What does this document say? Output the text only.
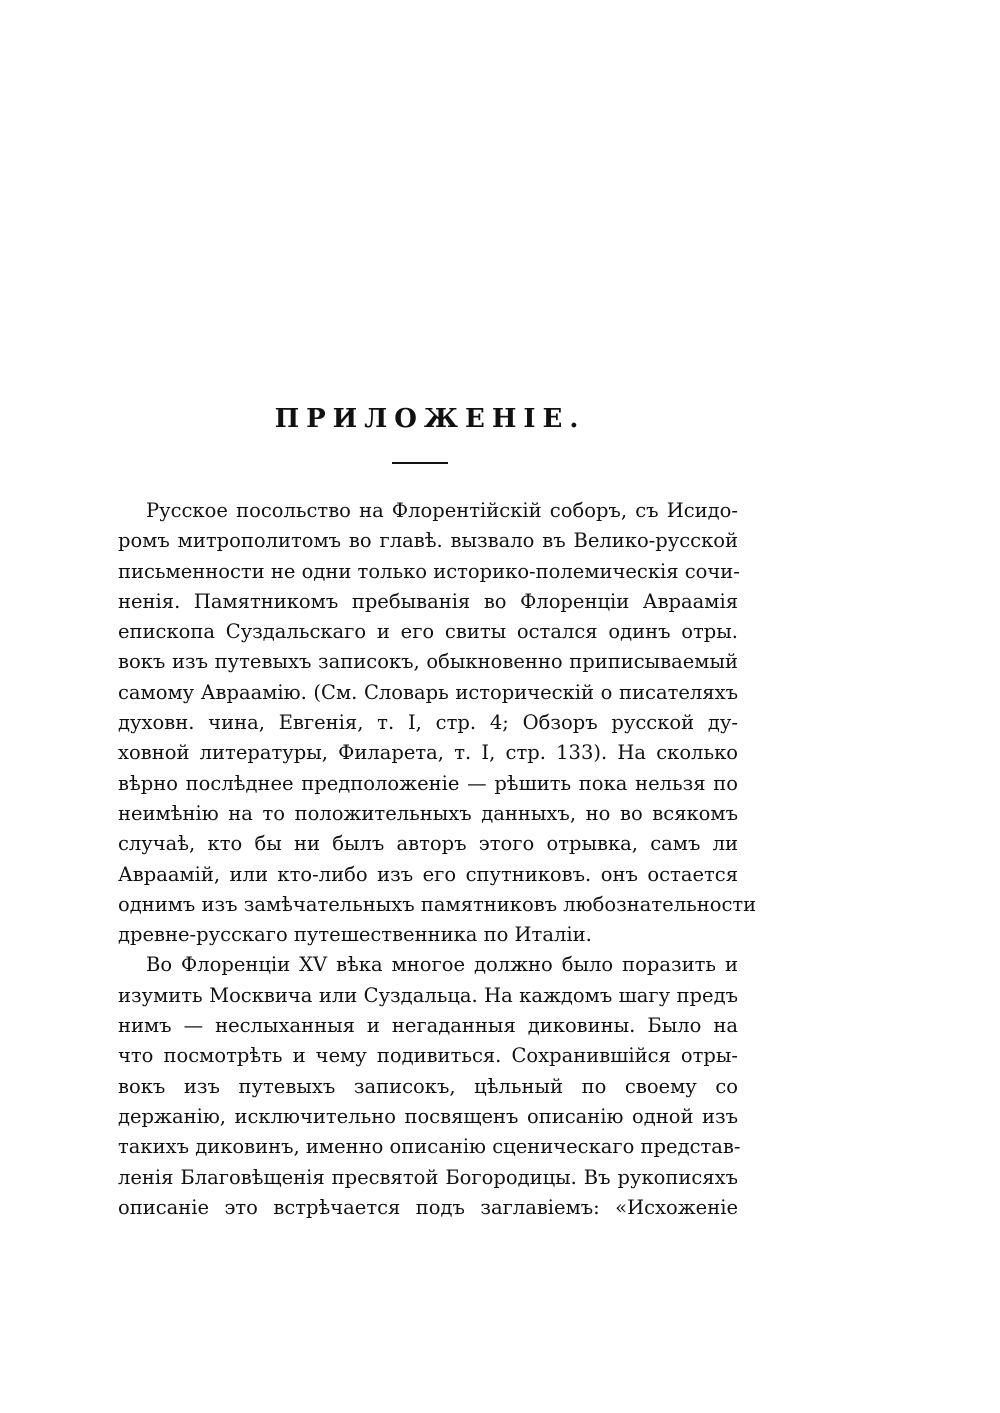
ПРИЛОЖЕНІЕ.
Русское посольство на Флорентійскій соборъ, съ Исидо-
ромъ митрополитомъ во главѣ. вызвало въ Велико-русской
письменности не одни только историко-полемическія сочи-
ненія. Памятникомъ пребыванія во Флоренціи Авраамія
епископа Суздальскаго и его свиты остался одинъ отры.
вокъ изъ путевыхъ записокъ, обыкновенно приписываемый
самому Авраамію. (См. Словарь историческій о писателяхъ
духовн. чина, Евгенія, т. I, стр. 4; Обзоръ русской ду-
ховной литературы, Филарета, т. I, стр. 133). На сколько
вѣрно послѣднее предположеніе — рѣшить пока нельзя по
неимѣнію на то положительныхъ данныхъ, но во всякомъ
случаѣ, кто бы ни былъ авторъ этого отрывка, самъ ли
Авраамій, или кто-либо изъ его спутниковъ. онъ остается
однимъ изъ замѣчательныхъ памятниковъ любознательности
древне-русскаго путешественника по Италіи.
Во Флоренціи XV вѣка многое должно было поразить и
изумить Москвича или Суздальца. На каждомъ шагу предъ
нимъ — неслыханныя и негаданныя диковины. Было на
что посмотрѣть и чему подивиться. Сохранившійся отры-
вокъ изъ путевыхъ записокъ, цѣльный по своему со
держанію, исключительно посвященъ описанію одной изъ
такихъ диковинъ, именно описанію сценическаго представ-
ленія Благовѣщенія пресвятой Богородицы. Въ рукописяхъ
описаніе это встрѣчается подъ заглавіемъ: «Исхоженіе
